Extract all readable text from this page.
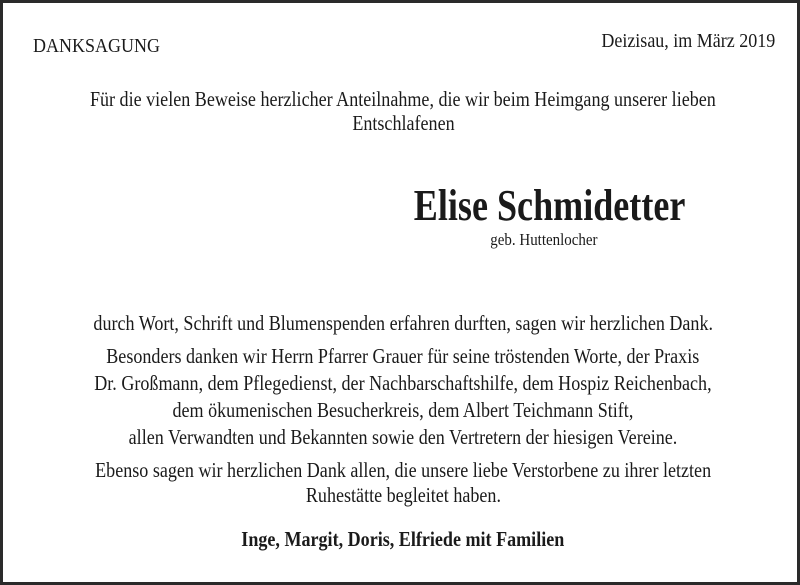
DANKSAGUNG	Deizisau, im März 2019
Für die vielen Beweise herzlicher Anteilnahme, die wir beim Heimgang unserer lieben
Entschlafenen
Elise Schmidetter
geb. Huttenlocher
durch Wort, Schrift und Blumenspenden erfahren durften, sagen wir herzlichen Dank.
Besonders danken wir Herrn Pfarrer Grauer für seine tröstenden Worte, der Praxis
Dr. Großmann, dem Pflegedienst, der Nachbarschaftshilfe, dem Hospiz Reichenbach,
dem ökumenischen Besucherkreis, dem Albert Teichmann Stift,
allen Verwandten und Bekannten sowie den Vertretern der hiesigen Vereine.
Ebenso sagen wir herzlichen Dank allen, die unsere liebe Verstorbene zu ihrer letzten
Ruhestätte begleitet haben.
Inge, Margit, Doris, Elfriede mit Familien
